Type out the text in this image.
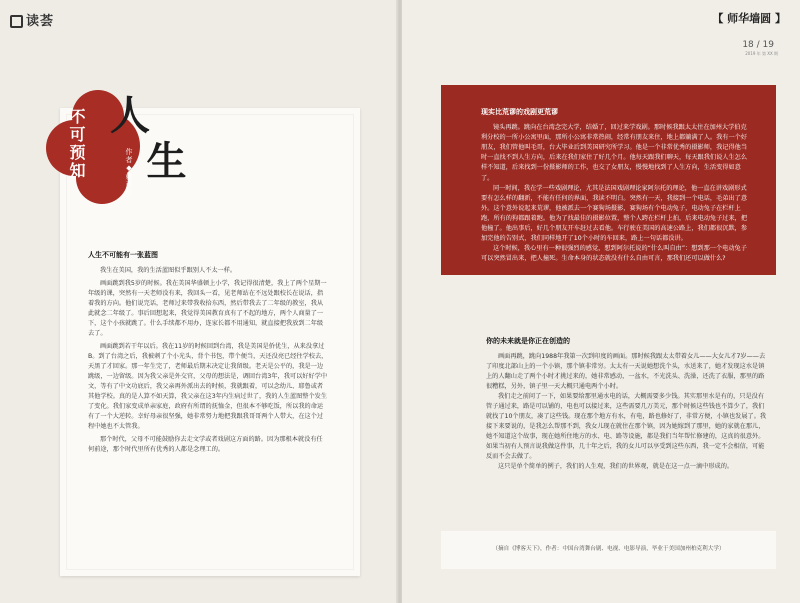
读荟
人
不可预知 生
作者◆赖声川
人生不可能有一张蓝图

我生在美国，我的生活蓝图似乎跟别人不太一样。

画面跳到我5岁的时候。我在美国华盛顿上小学，我记得很清楚，我上了两个星期一年级的课，突然有一天老师没有来，我回头一看，见老师站在不远处跟校长在说话，指着我的方向。他们说完话，老师过来带我收拾东西，然后带我去了二年级的教室，我从此就念二年级了。事后回想起来，我觉得美国教育真有了不起的地方，两个人商量了一下，这个小孩就跳了。什么手续都不用办，连家长都不用通知，就直接把我放到二年级去了。

画面跳到若干年以后。我在11岁的时候回到台湾，我是美国是侨优生，从来没拿过B。到了台湾之后，我被刺了个小光头，背个书包，带个便当，天还没亮已经往学校去，天黑了才回家。那一年生完了，老师最后期末决定让我留级。老天是公平的，我是一边跳级，一边留级。因为我父亲是外交官，父母的想法是，调回台湾3年，我可以好好学中文，等有了中文功底后，我父亲再外派出去的时候，我就跟着，可以念幼儿、耶鲁或者其他学校。真的是人算不如天算，我父亲在这3年内生病过世了，我的人生蓝图整个发生了变化。我们家变成单亲家庭，政府有所谓的抚恤金，但很本不够吃饭，所以我的命运有了一个大逆转。幸好母亲很坚强，她非常努力地把我跟我哥哥两个人带大，在这个过程中她也不太管我。

那个时代，父母不可能鼓励你去走文学或者戏剧这方面的路。因为那根本就没有任何前途，那个时代里所有优秀的人都是念理工的。

【 师华墙圆 】
18 / 19
2019 年 第 XX 期
现实比荒谬的戏剧更荒谬

镜头再跳。跳向在台湾念完大学，结婚了，回过来学戏剧。那时候我跟太太住在加州大学伯克利分校的一所小公寓里面，那所小公寓非常热闹，经常有朋友来住，地上都躺满了人。我有一个好朋友，我们管他叫毛哥，台大毕业后到美国研究所学习。他是一个非常优秀的摄影师，我记得他当时一直找不到人生方向，后来在我们家住了好几个月。他每天跟我们聊天，每天跟我们说人生怎么样不知道，后来找到一份摄影师的工作，也交了女朋友，慢慢地找到了人生方向，生活变得如意了。

同一时间，我在学一些戏剧理论，尤其是法国戏剧理论家阿尔托的理论，他一直在讲戏剧形式要有怎么样的翻新，不能有任何的界面，我读不明白。突然有一天，我接到一个电话，毛弟出了意外。这个意外说起来荒谬，他被派去一个赛狗场摄影，赛狗场有个电动兔子，电动兔子在栏杆上跑，所有的狗都跟着跑。他为了找最佳的摄影位置，整个人跨在栏杆上拍，后来电动兔子过来，把他撞了。他出事后，好几个朋友开车赶过去看他。车行驶在美国的高速公路上，我们都很沉默，参加完他的告别式，我们同样地开了10个小时的车回来，路上一句话都没讲。

这个时候，我心里有一种很强烈的感觉，想到阿尔托说的“什么叫自由”：想到那一个电动兔子可以突然冒出来，把人撞死。生命本身的状态就没有什么自由可言，那我们还可以做什么?

你的未来就是你正在创造的

画面再跳，跳向1988年我第一次到印度的画面。那时候我跟太太带着女儿——大女儿才7岁——去了印度北部山上的一个小镇，那个镇非常穷。太太有一天说她想洗个头，水送来了，她才发现这水是镇上的人翻山走了两个小时才挑过来的，她非常感动，一盆水，不光洗头、洗澡，还洗了衣服，那里的路很糟糕，另外，镇子里一天大概只通电两个小时。

我们走之前问了一下，如果要给那里通水电的话，大概需要多少钱。其实那里水是有的，只是没有管子通过来，路是可以铺的，电也可以接过来，这些需要几万美元，那个时候这些钱也不算少了，我们就找了10个朋友，凑了这些钱。现在那个地方有水，有电，路也修好了，非常方便，小镇也发展了。我接下来要说的，是我怎么帮那不到，我女儿现在就住在那个镇，因为她嫁到了那里，她的家就在那儿，她不知道这个故事，现在她所住地方的水、电、路等设施，都是我们当年帮忙修建的，这真的很意外。如果当初有人预言说我做这件事，几十年之后，我的女儿可以享受到这些东西，我一定不会相信，可能反而不会去做了。

这只是单个简单的例子，我们的人生观，我们的世界观，就是在这一点一滴中形成的。

（摘自《博客天下》，作者：中国台湾舞台剧、电视、电影导演，毕业于美国加州柏克利大学）
